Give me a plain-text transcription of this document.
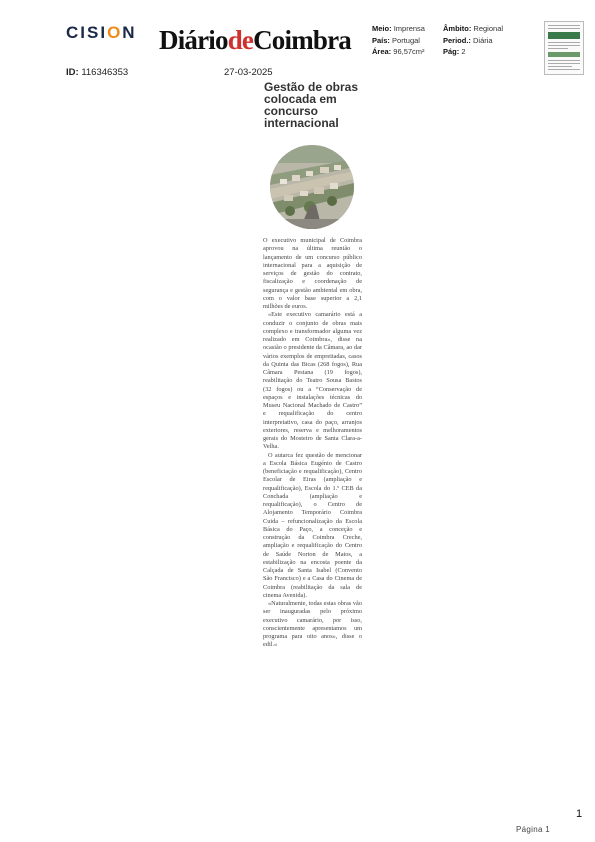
CISION DiáriodeCoimbra	Meio: Imprensa
País: Portugal
Área: 96,57cm²
Âmbito: Regional
Period.: Diária
Pág: 2
ID: 116346353	27-03-2025
Gestão de obras colocada em concurso internacional

O executivo municipal de Coimbra aprovou na última reunião o lançamento de um concurso público internacional para a aquisição de serviços de gestão do contrato, fiscalização e coordenação de segurança e gestão ambiental em obra, com o valor base superior a 2,1 milhões de euros.

«Este executivo camarário está a conduzir o conjunto de obras mais complexo e transformador alguma vez realizado em Coimbra», disse na ocasião o presidente da Câmara, ao dar vários exemplos de empreitadas, casos da Quinta das Bicas (268 fogos), Rua Câmara Pestana (19 fogos), reabilitação do Teatro Sousa Bastos (32 fogos) ou a “Conservação de espaços e instalações técnicas do Museu Nacional Machado de Castro” e requalificação do centro interpretativo, casa do paço, arranjos exteriores, reserva e melhoramentos gerais do Mosteiro de Santa Clara-a-Velha.

O autarca fez questão de mencionar a Escola Básica Eugénio de Castro (beneficiação e requalificação), Centro Escolar de Eiras (ampliação e requalificação), Escola do 1.º CEB da Conchada (ampliação e requalificação), o Centro de Alojamento Temporário Coimbra Cuida – refuncionalização da Escola Básica do Paço, a conceção e construção da Coimbra Creche, ampliação e requalificação do Centro de Saúde Norton de Matos, a estabilização na encosta poente da Calçada de Santa Isabel (Convento São Francisco) e a Casa do Cinema de Coimbra (reabilitação da sala de cinema Avenida).

«Naturalmente, todas estas obras vão ser inauguradas pelo próximo executivo camarário, por isso, conscientemente apresentamos um programa para oito anos», disse o edil.«

1
Página 1
